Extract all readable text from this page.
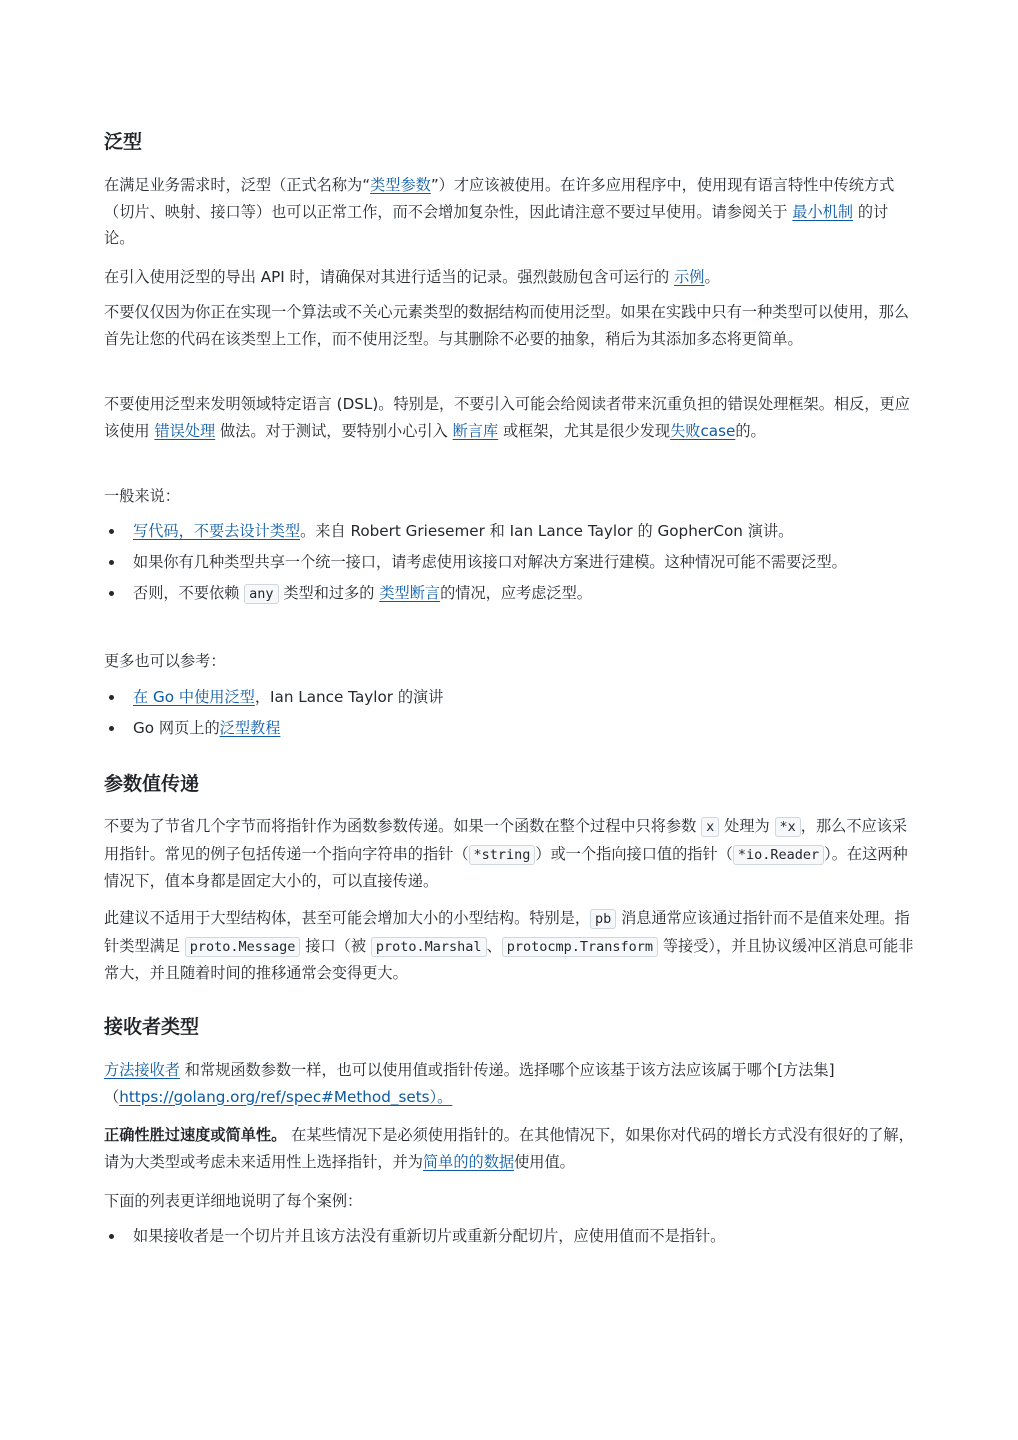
泛型

在满足业务需求时，泛型（正式名称为“类型参数”）才应该被使用。在许多应用程序中，使用现有语言特性中传统方式（切片、映射、接口等）也可以正常工作，而不会增加复杂性，因此请注意不要过早使用。请参阅关于 最小机制 的讨论。

在引入使用泛型的导出 API 时，请确保对其进行适当的记录。强烈鼓励包含可运行的 示例。

不要仅仅因为你正在实现一个算法或不关心元素类型的数据结构而使用泛型。如果在实践中只有一种类型可以使用，那么首先让您的代码在该类型上工作，而不使用泛型。与其删除不必要的抽象，稍后为其添加多态将更简单。

不要使用泛型来发明领域特定语言 (DSL)。特别是，不要引入可能会给阅读者带来沉重负担的错误处理框架。相反，更应该使用 错误处理 做法。对于测试，要特别小心引入 断言库 或框架，尤其是很少发现失败case的。

一般来说：

写代码，不要去设计类型。来自 Robert Griesemer 和 Ian Lance Taylor 的 GopherCon 演讲。
如果你有几种类型共享一个统一接口，请考虑使用该接口对解决方案进行建模。这种情况可能不需要泛型。
否则，不要依赖 any 类型和过多的 类型断言的情况，应考虑泛型。

更多也可以参考：

在 Go 中使用泛型，Ian Lance Taylor 的演讲
Go 网页上的泛型教程
参数值传递

不要为了节省几个字节而将指针作为函数参数传递。如果一个函数在整个过程中只将参数 x 处理为 *x ，那么不应该采用指针。常见的例子包括传递一个指向字符串的指针（ *string ）或一个指向接口值的指针（ *io.Reader ）。在这两种情况下，值本身都是固定大小的，可以直接传递。

此建议不适用于大型结构体，甚至可能会增加大小的小型结构。特别是， pb 消息通常应该通过指针而不是值来处理。指针类型满足 proto.Message 接口（被 proto.Marshal 、 protocmp.Transform 等接受），并且协议缓冲区消息可能非常大，并且随着时间的推移通常会变得更大。

接收者类型

方法接收者 和常规函数参数一样，也可以使用值或指针传递。选择哪个应该基于该方法应该属于哪个[方法集]（https://golang.org/ref/spec#Method_sets）。

正确性胜过速度或简单性。 在某些情况下是必须使用指针的。在其他情况下，如果你对代码的增长方式没有很好的了解，请为大类型或考虑未来适用性上选择指针，并为简单的的数据使用值。

下面的列表更详细地说明了每个案例：

如果接收者是一个切片并且该方法没有重新切片或重新分配切片，应使用值而不是指针。
